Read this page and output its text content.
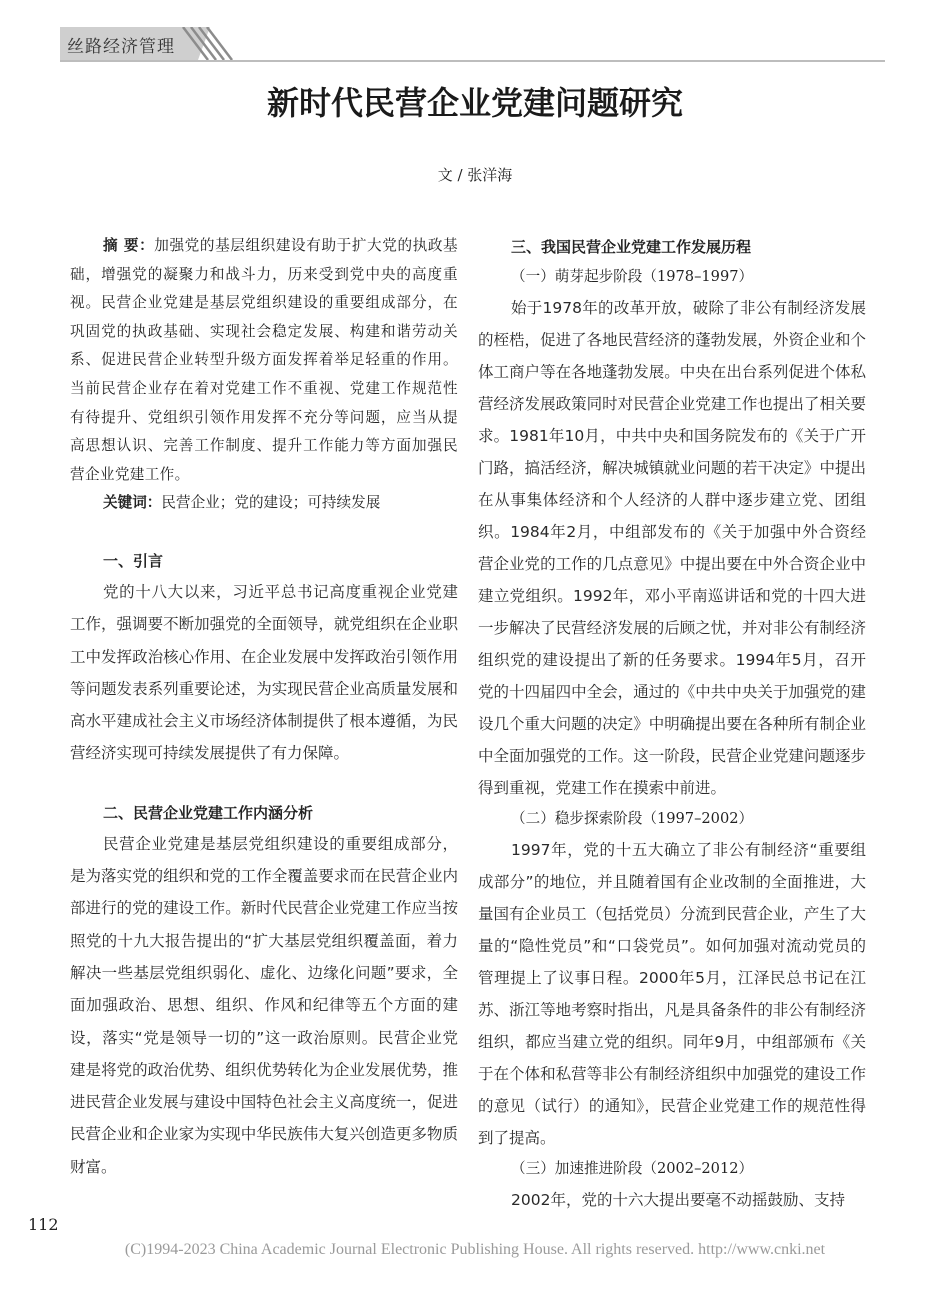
丝路经济管理
新时代民营企业党建问题研究
文 / 张洋海

摘 要：加强党的基层组织建设有助于扩大党的执政基础，增强党的凝聚力和战斗力，历来受到党中央的高度重视。民营企业党建是基层党组织建设的重要组成部分，在巩固党的执政基础、实现社会稳定发展、构建和谐劳动关系、促进民营企业转型升级方面发挥着举足轻重的作用。当前民营企业存在着对党建工作不重视、党建工作规范性有待提升、党组织引领作用发挥不充分等问题，应当从提高思想认识、完善工作制度、提升工作能力等方面加强民营企业党建工作。

关键词：民营企业；党的建设；可持续发展

一、引言

党的十八大以来，习近平总书记高度重视企业党建工作，强调要不断加强党的全面领导，就党组织在企业职工中发挥政治核心作用、在企业发展中发挥政治引领作用等问题发表系列重要论述，为实现民营企业高质量发展和高水平建成社会主义市场经济体制提供了根本遵循，为民营经济实现可持续发展提供了有力保障。

二、民营企业党建工作内涵分析

民营企业党建是基层党组织建设的重要组成部分，是为落实党的组织和党的工作全覆盖要求而在民营企业内部进行的党的建设工作。新时代民营企业党建工作应当按照党的十九大报告提出的“扩大基层党组织覆盖面，着力解决一些基层党组织弱化、虚化、边缘化问题”要求，全面加强政治、思想、组织、作风和纪律等五个方面的建设，落实“党是领导一切的”这一政治原则。民营企业党建是将党的政治优势、组织优势转化为企业发展优势，推进民营企业发展与建设中国特色社会主义高度统一，促进民营企业和企业家为实现中华民族伟大复兴创造更多物质财富。

三、我国民营企业党建工作发展历程

（一）萌芽起步阶段（1978–1997）

始于1978年的改革开放，破除了非公有制经济发展的桎梏，促进了各地民营经济的蓬勃发展，外资企业和个体工商户等在各地蓬勃发展。中央在出台系列促进个体私营经济发展政策同时对民营企业党建工作也提出了相关要求。1981年10月，中共中央和国务院发布的《关于广开门路，搞活经济，解决城镇就业问题的若干决定》中提出在从事集体经济和个人经济的人群中逐步建立党、团组织。1984年2月，中组部发布的《关于加强中外合资经营企业党的工作的几点意见》中提出要在中外合资企业中建立党组织。1992年，邓小平南巡讲话和党的十四大进一步解决了民营经济发展的后顾之忧，并对非公有制经济组织党的建设提出了新的任务要求。1994年5月，召开党的十四届四中全会，通过的《中共中央关于加强党的建设几个重大问题的决定》中明确提出要在各种所有制企业中全面加强党的工作。这一阶段，民营企业党建问题逐步得到重视，党建工作在摸索中前进。

（二）稳步探索阶段（1997–2002）

1997年，党的十五大确立了非公有制经济“重要组成部分”的地位，并且随着国有企业改制的全面推进，大量国有企业员工（包括党员）分流到民营企业，产生了大量的“隐性党员”和“口袋党员”。如何加强对流动党员的管理提上了议事日程。2000年5月，江泽民总书记在江苏、浙江等地考察时指出，凡是具备条件的非公有制经济组织，都应当建立党的组织。同年9月，中组部颁布《关于在个体和私营等非公有制经济组织中加强党的建设工作的意见（试行）的通知》，民营企业党建工作的规范性得到了提高。

（三）加速推进阶段（2002–2012）

2002年，党的十六大提出要毫不动摇鼓励、支持

112
(C)1994-2023 China Academic Journal Electronic Publishing House. All rights reserved. http://www.cnki.net
